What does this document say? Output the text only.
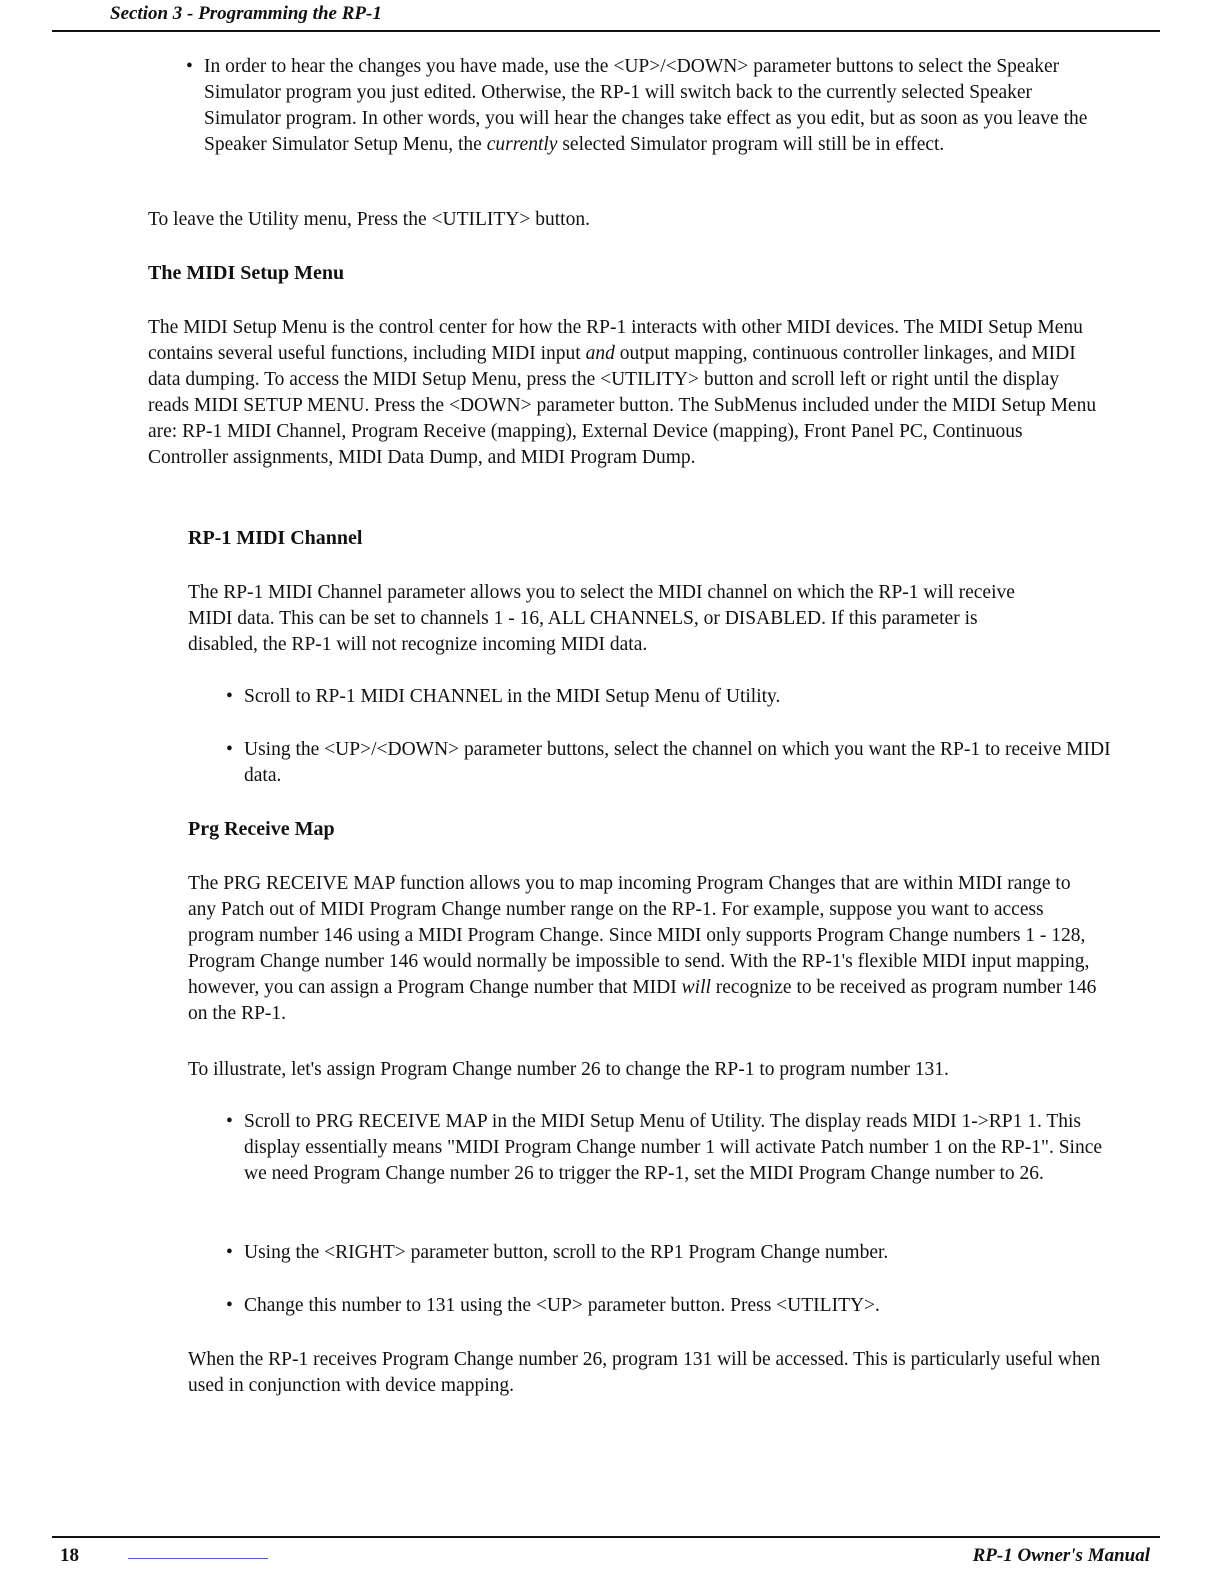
Section 3 - Programming the RP-1

• In order to hear the changes you have made, use the <UP>/<DOWN> parameter buttons to select the Speaker Simulator program you just edited. Otherwise, the RP-1 will switch back to the currently selected Speaker Simulator program. In other words, you will hear the changes take effect as you edit, but as soon as you leave the Speaker Simulator Setup Menu, the currently selected Simulator program will still be in effect.

To leave the Utility menu, Press the <UTILITY> button.

The MIDI Setup Menu

The MIDI Setup Menu is the control center for how the RP-1 interacts with other MIDI devices. The MIDI Setup Menu contains several useful functions, including MIDI input and output mapping, continuous controller linkages, and MIDI data dumping. To access the MIDI Setup Menu, press the <UTILITY> button and scroll left or right until the display reads MIDI SETUP MENU. Press the <DOWN> parameter button. The SubMenus included under the MIDI Setup Menu are: RP-1 MIDI Channel, Program Receive (mapping), External Device (mapping), Front Panel PC, Continuous Controller assignments, MIDI Data Dump, and MIDI Program Dump.

RP-1 MIDI Channel

The RP-1 MIDI Channel parameter allows you to select the MIDI channel on which the RP-1 will receive MIDI data. This can be set to channels 1 - 16, ALL CHANNELS, or DISABLED. If this parameter is disabled, the RP-1 will not recognize incoming MIDI data.

• Scroll to RP-1 MIDI CHANNEL in the MIDI Setup Menu of Utility.

• Using the <UP>/<DOWN> parameter buttons, select the channel on which you want the RP-1 to receive MIDI data.

Prg Receive Map

The PRG RECEIVE MAP function allows you to map incoming Program Changes that are within MIDI range to any Patch out of MIDI Program Change number range on the RP-1. For example, suppose you want to access program number 146 using a MIDI Program Change. Since MIDI only supports Program Change numbers 1 - 128, Program Change number 146 would normally be impossible to send. With the RP-1's flexible MIDI input mapping, however, you can assign a Program Change number that MIDI will recognize to be received as program number 146 on the RP-1.

To illustrate, let's assign Program Change number 26 to change the RP-1 to program number 131.

• Scroll to PRG RECEIVE MAP in the MIDI Setup Menu of Utility. The display reads MIDI 1->RP1 1. This display essentially means "MIDI Program Change number 1 will activate Patch number 1 on the RP-1". Since we need Program Change number 26 to trigger the RP-1, set the MIDI Program Change number to 26.

• Using the <RIGHT> parameter button, scroll to the RP1 Program Change number.

• Change this number to 131 using the <UP> parameter button. Press <UTILITY>.

When the RP-1 receives Program Change number 26, program 131 will be accessed. This is particularly useful when used in conjunction with device mapping.

18	RP-1 Owner's Manual
